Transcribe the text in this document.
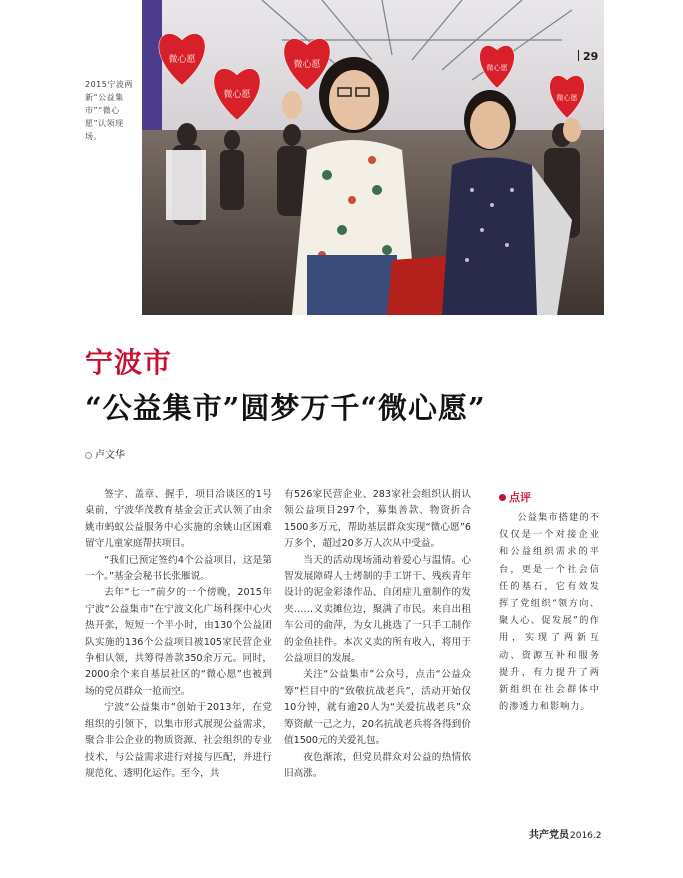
微心愿
微心愿
微心愿	微心愿
微心愿
2015宁波两新“公益集市”“微心愿”认领现场。
29
宁波市
“公益集市”圆梦万千“微心愿”
卢文华

签字、盖章、握手，项目洽谈区的1号桌前，宁波华茂教育基金会正式认领了由余姚市蚂蚁公益服务中心实施的余姚山区困难留守儿童家庭帮扶项目。

“我们已预定签约4个公益项目，这是第一个。”基金会秘书长张雁说。

去年“七一”前夕的一个傍晚，2015年宁波“公益集市”在宁波文化广场科探中心火热开张，短短一个半小时，由130个公益团队实施的136个公益项目被105家民营企业争相认领，共筹得善款350余万元。同时，2000余个来自基层社区的“微心愿”也被到场的党员群众一抢而空。

宁波“公益集市”创始于2013年，在党组织的引领下，以集市形式展现公益需求，聚合非公企业的物质资源、社会组织的专业技术，与公益需求进行对接与匹配，并进行规范化、透明化运作。至今，共

有526家民营企业、283家社会组织认捐认领公益项目297个，募集善款、物资折合1500多万元，帮助基层群众实现“微心愿”6万多个，超过20多万人次从中受益。

当天的活动现场涌动着爱心与温情。心智发展障碍人士烤制的手工饼干、残疾青年设计的泥金彩漆作品、自闭症儿童制作的发夹……义卖摊位边，聚满了市民。来自出租车公司的俞萍，为女儿挑选了一只手工制作的金鱼挂件。本次义卖的所有收入，将用于公益项目的发展。

关注“公益集市”公众号，点击“公益众筹”栏目中的“致敬抗战老兵”，活动开始仅10分钟，就有逾20人为“关爱抗战老兵”众筹资献一己之力，20名抗战老兵将各得到价值1500元的关爱礼包。

夜色渐浓，但党员群众对公益的热情依旧高涨。

点评
公益集市搭建的不仅仅是一个对接企业和公益组织需求的平台，更是一个社会信任的基石，它有效发挥了党组织“领方向、聚人心、促发展”的作用，实现了两新互动、资源互补和服务提升，有力提升了两新组织在社会群体中的渗透力和影响力。
共产党员2016.2
